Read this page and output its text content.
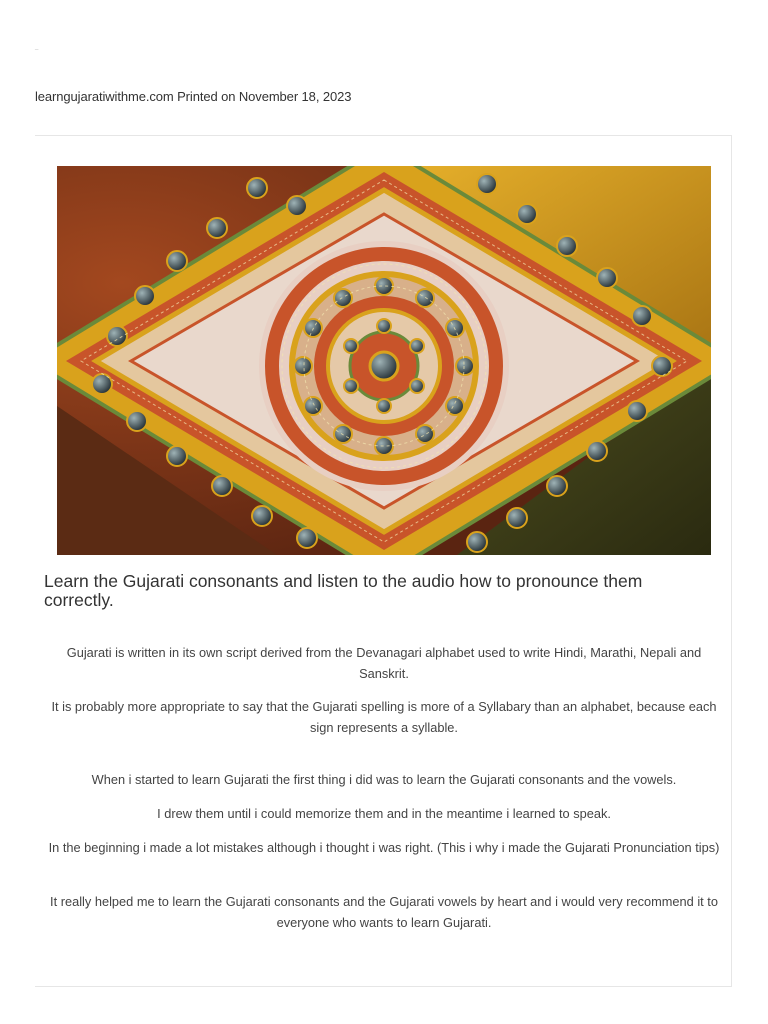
_
learngujaratiwithme.com Printed on November 18, 2023
Learn the Gujarati consonants and listen to the audio how to pronounce them correctly.

Gujarati is written in its own script derived from the Devanagari alphabet used to write Hindi, Marathi, Nepali and Sanskrit.

It is probably more appropriate to say that the Gujarati spelling is more of a Syllabary than an alphabet, because each sign represents a syllable.

When i started to learn Gujarati the first thing i did was to learn the Gujarati consonants and the vowels.

I drew them until i could memorize them and in the meantime i learned to speak.

In the beginning i made a lot mistakes although i thought i was right. (This i why i made the Gujarati Pronunciation tips)

It really helped me to learn the Gujarati consonants and the Gujarati vowels by heart and i would very recommend it to everyone who wants to learn Gujarati.
